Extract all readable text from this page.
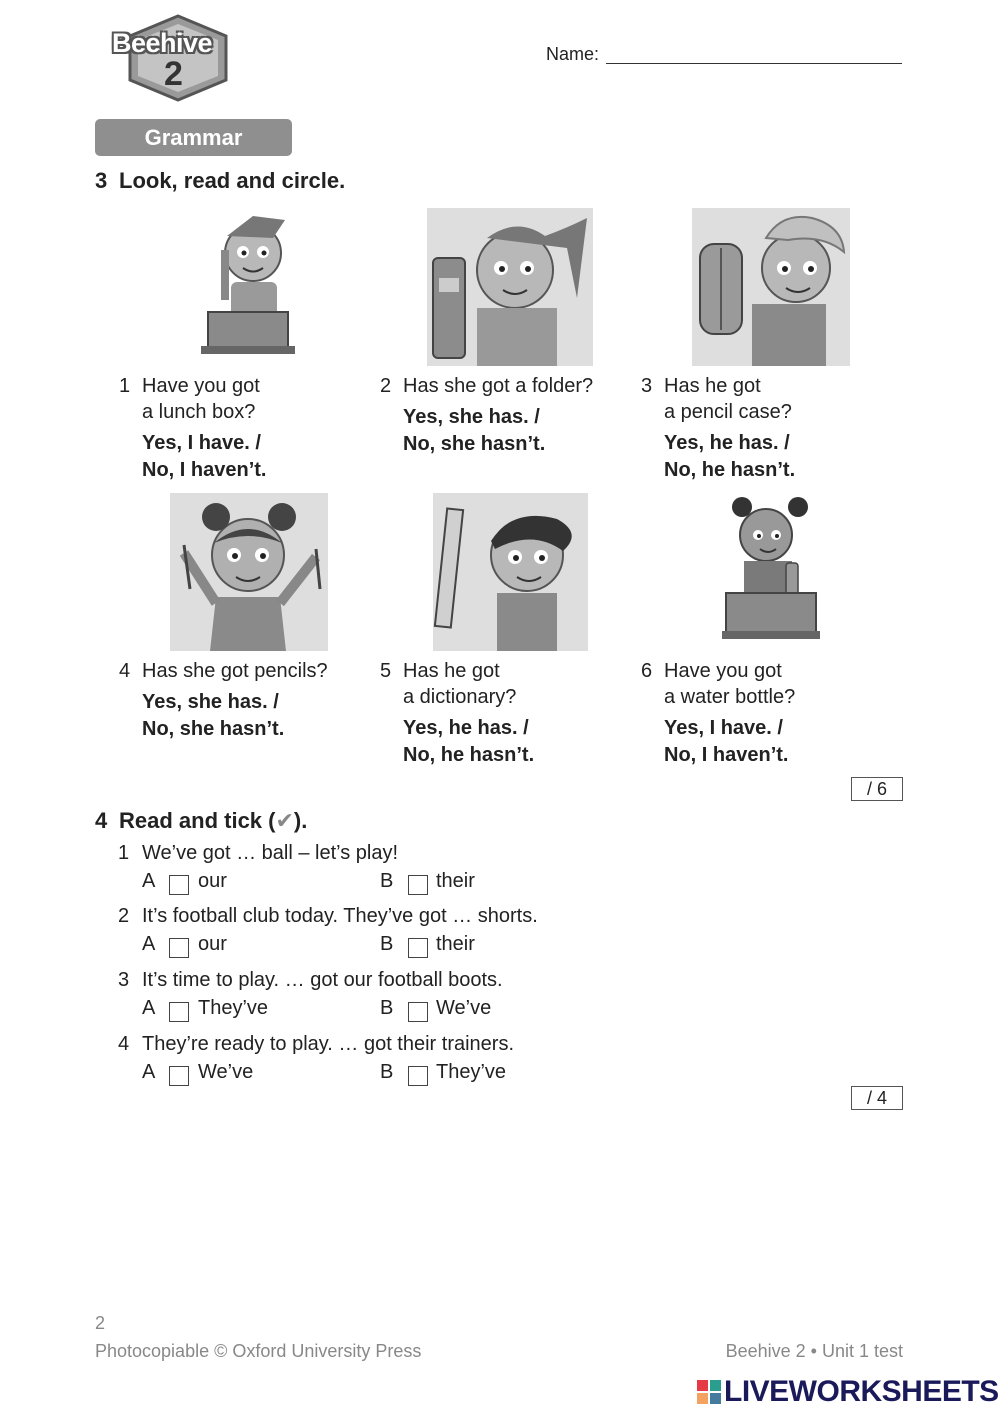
Beehive
2
Name:
Grammar
3 Look, read and circle.
1 Have you got
a lunch box?
Yes, I have. /
No, I haven’t.
2 Has she got a folder?
Yes, she has. /
No, she hasn’t.
3 Has he got
a pencil case?
Yes, he has. /
No, he hasn’t.
4 Has she got pencils?
Yes, she has. /
No, she hasn’t.
5 Has he got
a dictionary?
Yes, he has. /
No, he hasn’t.
6 Have you got
a water bottle?
Yes, I have. /
No, I haven’t.
/ 6
4 Read and tick (✔).
1 We’ve got … ball – let’s play!
A our	B their
2 It’s football club today. They’ve got … shorts.
A our	B their
3 It’s time to play. … got our football boots.
A They’ve	B We’ve
4 They’re ready to play. … got their trainers.
A We’ve	B They’ve
/ 4
2
Photocopiable © Oxford University Press	Beehive 2 • Unit 1 test
LIVEWORKSHEETS
